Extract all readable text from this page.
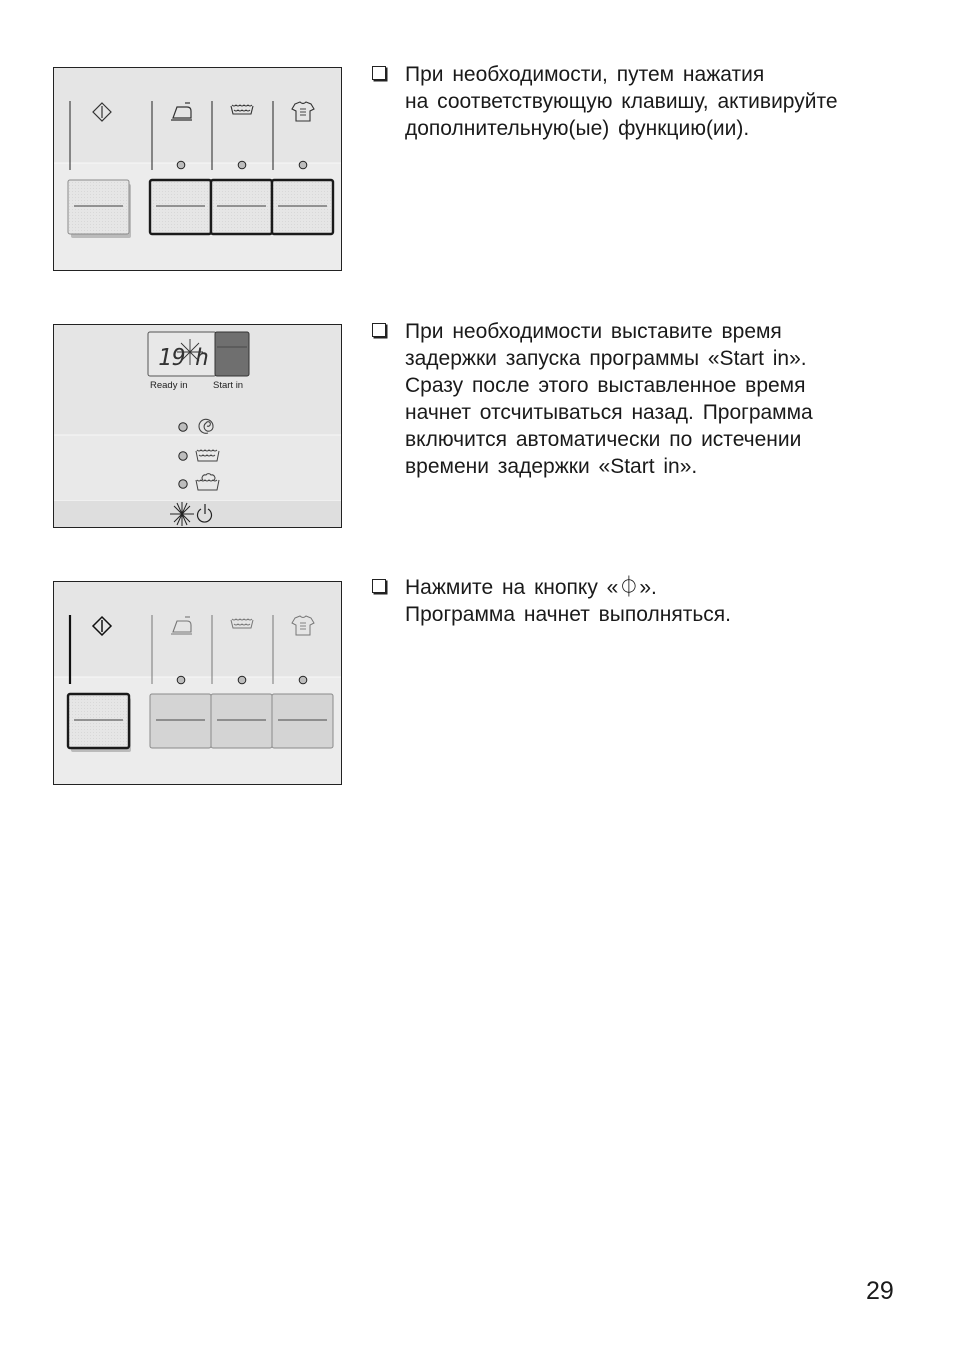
19 h
Ready in	Start in
При необходимости, путем нажатия
на соответствующую клавишу, активируйте
дополнительную(ые) функцию(ии).
При необходимости выставите время
задержки запуска программы «Start in».
Сразу после этого выставленное время
начнет отсчитываться назад. Программа
включится автоматически по истечении
времени задержки «Start in».
Нажмите на кнопку «⏀».
Программа начнет выполняться.
29
